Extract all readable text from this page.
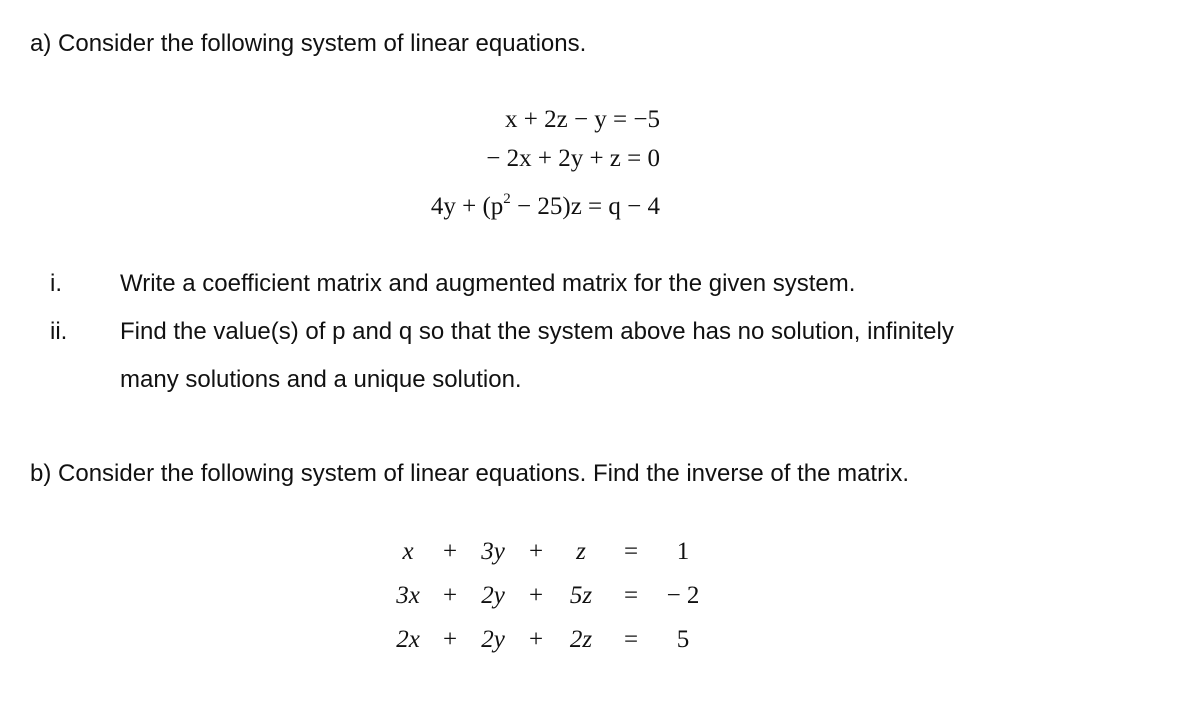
a) Consider the following system of linear equations.
x + 2z − y = −5
− 2x + 2y + z = 0
$4y + (p^2 - 25)z = q - 4$
i. Write a coefficient matrix and augmented matrix for the given system.
ii. Find the value(s) of p and q so that the system above has no solution, infinitely
many solutions and a unique solution.
b) Consider the following system of linear equations. Find the inverse of the matrix.
x	+	3y	+	z	=	1
3x	+	2y	+	5z	=	− 2
2x	+	2y	+	2z	=	5
